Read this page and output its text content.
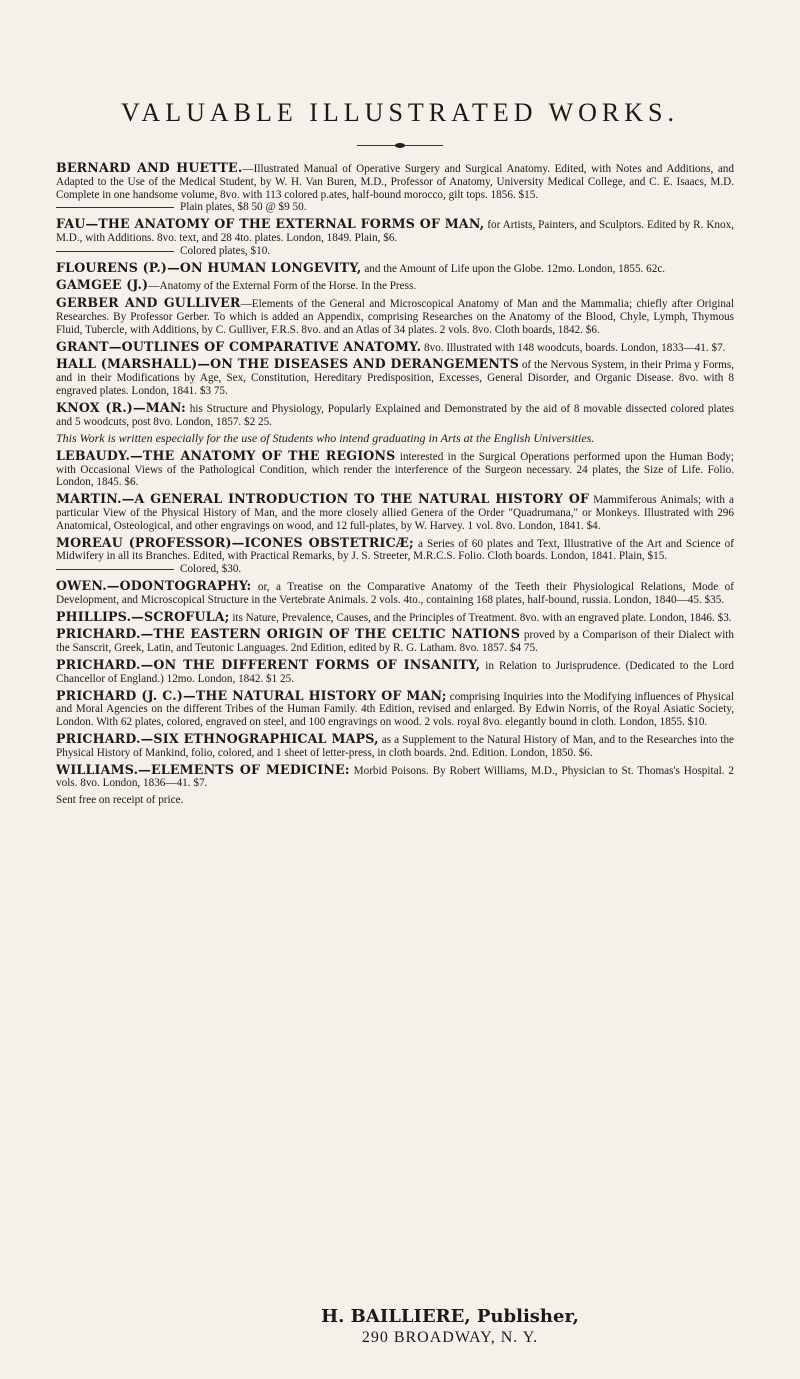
VALUABLE ILLUSTRATED WORKS.
BERNARD AND HUETTE.—Illustrated Manual of Operative Surgery and Surgical Anatomy. Edited, with Notes and Additions, and Adapted to the Use of the Medical Student, by W. H. Van Buren, M.D., Professor of Anatomy, University Medical College, and C. E. Isaacs, M.D. Complete in one handsome volume, 8vo. with 113 colored p.ates, half-bound morocco, gilt tops. 1856. $15.
Plain plates, $8 50 @ $9 50.
FAU—THE ANATOMY OF THE EXTERNAL FORMS OF MAN, for Artists, Painters, and Sculptors. Edited by R. Knox, M.D., with Additions. 8vo. text, and 28 4to. plates. London, 1849. Plain, $6.
Colored plates, $10.
FLOURENS (P.)—ON HUMAN LONGEVITY, and the Amount of Life upon the Globe. 12mo. London, 1855. 62c.
GAMGEE (J.)—Anatomy of the External Form of the Horse. In the Press.
GERBER AND GULLIVER—Elements of the General and Microscopical Anatomy of Man and the Mammalia; chiefly after Original Researches. By Professor Gerber. To which is added an Appendix, comprising Researches on the Anatomy of the Blood, Chyle, Lymph, Thymous Fluid, Tubercle, with Additions, by C. Gulliver, F.R.S. 8vo. and an Atlas of 34 plates. 2 vols. 8vo. Cloth boards, 1842. $6.
GRANT—OUTLINES OF COMPARATIVE ANATOMY. 8vo. Illustrated with 148 woodcuts, boards. London, 1833—41. $7.
HALL (MARSHALL)—ON THE DISEASES AND DERANGEMENTS of the Nervous System, in their Prima y Forms, and in their Modifications by Age, Sex, Constitution, Hereditary Predisposition, Excesses, General Disorder, and Organic Disease. 8vo. with 8 engraved plates. London, 1841. $3 75.
KNOX (R.)—MAN: his Structure and Physiology, Popularly Explained and Demonstrated by the aid of 8 movable dissected colored plates and 5 woodcuts, post 8vo. London, 1857. $2 25.
This Work is written especially for the use of Students who intend graduating in Arts at the English Universities.
LEBAUDY.—THE ANATOMY OF THE REGIONS interested in the Surgical Operations performed upon the Human Body; with Occasional Views of the Pathological Condition, which render the interference of the Surgeon necessary. 24 plates, the Size of Life. Folio. London, 1845. $6.
MARTIN.—A GENERAL INTRODUCTION TO THE NATURAL HISTORY OF Mammiferous Animals; with a particular View of the Physical History of Man, and the more closely allied Genera of the Order "Quadrumana," or Monkeys. Illustrated with 296 Anatomical, Osteological, and other engravings on wood, and 12 full-plates, by W. Harvey. 1 vol. 8vo. London, 1841. $4.
MOREAU (PROFESSOR)—ICONES OBSTETRICÆ; a Series of 60 plates and Text, Illustrative of the Art and Science of Midwifery in all its Branches. Edited, with Practical Remarks, by J. S. Streeter, M.R.C.S. Folio. Cloth boards. London, 1841. Plain, $15.
Colored, $30.
OWEN.—ODONTOGRAPHY: or, a Treatise on the Comparative Anatomy of the Teeth their Physiological Relations, Mode of Development, and Microscopical Structure in the Vertebrate Animals. 2 vols. 4to., containing 168 plates, half-bound, russia. London, 1840—45. $35.
PHILLIPS.—SCROFULA; its Nature, Prevalence, Causes, and the Principles of Treatment. 8vo. with an engraved plate. London, 1846. $3.
PRICHARD.—THE EASTERN ORIGIN OF THE CELTIC NATIONS proved by a Comparison of their Dialect with the Sanscrit, Greek, Latin, and Teutonic Languages. 2nd Edition, edited by R. G. Latham. 8vo. 1857. $4 75.
PRICHARD.—ON THE DIFFERENT FORMS OF INSANITY, in Relation to Jurisprudence. (Dedicated to the Lord Chancellor of England.) 12mo. London, 1842. $1 25.
PRICHARD (J. C.)—THE NATURAL HISTORY OF MAN; comprising Inquiries into the Modifying influences of Physical and Moral Agencies on the different Tribes of the Human Family. 4th Edition, revised and enlarged. By Edwin Norris, of the Royal Asiatic Society, London. With 62 plates, colored, engraved on steel, and 100 engravings on wood. 2 vols. royal 8vo. elegantly bound in cloth. London, 1855. $10.
PRICHARD.—SIX ETHNOGRAPHICAL MAPS, as a Supplement to the Natural History of Man, and to the Researches into the Physical History of Mankind, folio, colored, and 1 sheet of letter-press, in cloth boards. 2nd. Edition. London, 1850. $6.
WILLIAMS.—ELEMENTS OF MEDICINE: Morbid Poisons. By Robert Williams, M.D., Physician to St. Thomas's Hospital. 2 vols. 8vo. London, 1836—41. $7.
Sent free on receipt of price.
H. BAILLIERE, Publisher,
290 BROADWAY, N. Y.
